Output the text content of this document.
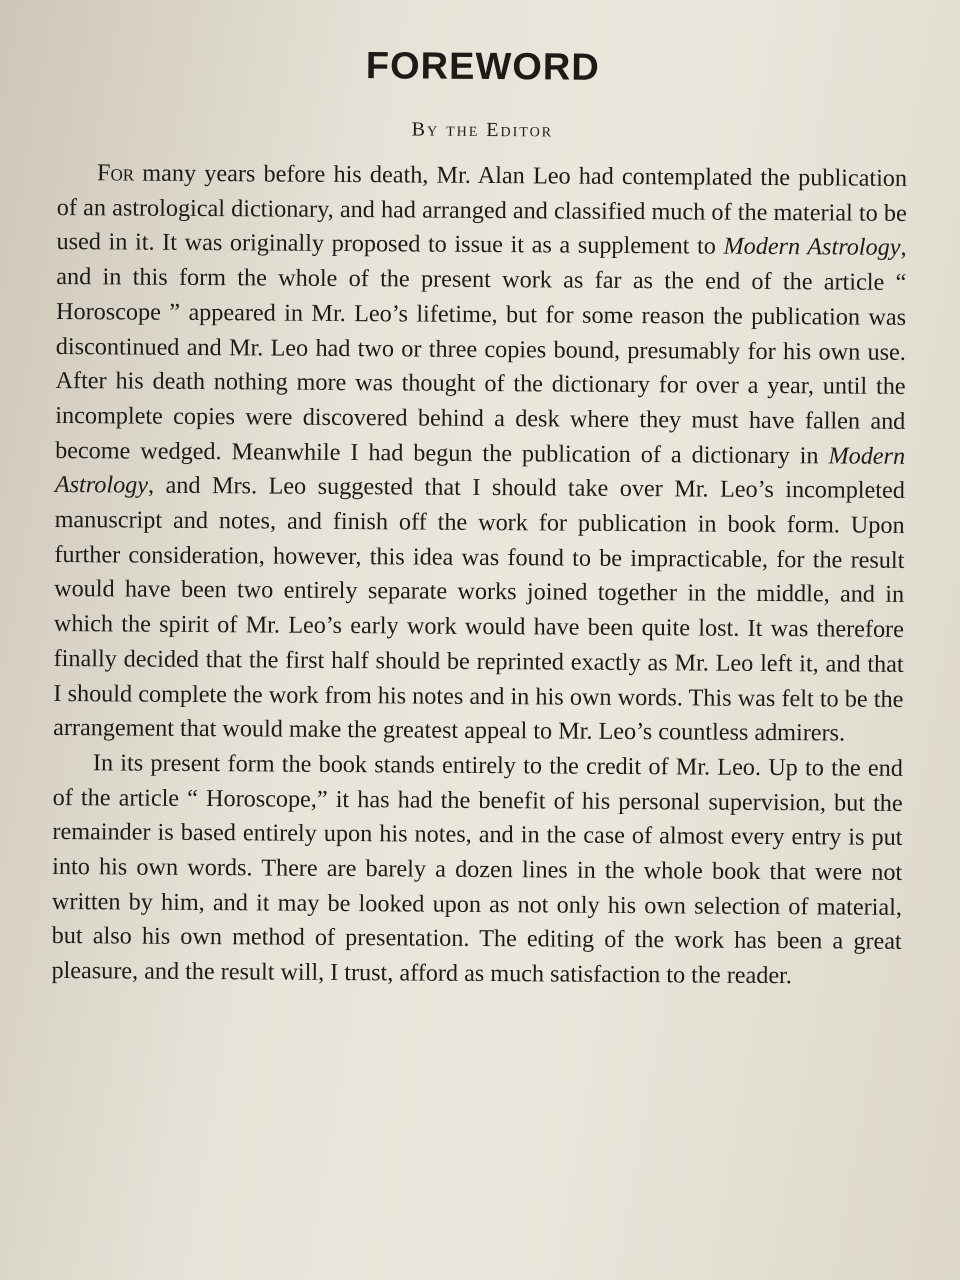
FOREWORD
By the Editor

For many years before his death, Mr. Alan Leo had contemplated the publication of an astrological dictionary, and had arranged and classified much of the material to be used in it. It was originally proposed to issue it as a supplement to Modern Astrology, and in this form the whole of the present work as far as the end of the article “ Horoscope ” appeared in Mr. Leo’s lifetime, but for some reason the publication was discontinued and Mr. Leo had two or three copies bound, presumably for his own use. After his death nothing more was thought of the dictionary for over a year, until the incomplete copies were discovered behind a desk where they must have fallen and become wedged. Meanwhile I had begun the publication of a dictionary in Modern Astrology, and Mrs. Leo suggested that I should take over Mr. Leo’s incompleted manuscript and notes, and finish off the work for publication in book form. Upon further consideration, however, this idea was found to be impracticable, for the result would have been two entirely separate works joined together in the middle, and in which the spirit of Mr. Leo’s early work would have been quite lost. It was therefore finally decided that the first half should be reprinted exactly as Mr. Leo left it, and that I should complete the work from his notes and in his own words. This was felt to be the arrangement that would make the greatest appeal to Mr. Leo’s countless admirers.

In its present form the book stands entirely to the credit of Mr. Leo. Up to the end of the article “ Horoscope,” it has had the benefit of his personal supervision, but the remainder is based entirely upon his notes, and in the case of almost every entry is put into his own words. There are barely a dozen lines in the whole book that were not written by him, and it may be looked upon as not only his own selection of material, but also his own method of presentation. The editing of the work has been a great pleasure, and the result will, I trust, afford as much satisfaction to the reader.
